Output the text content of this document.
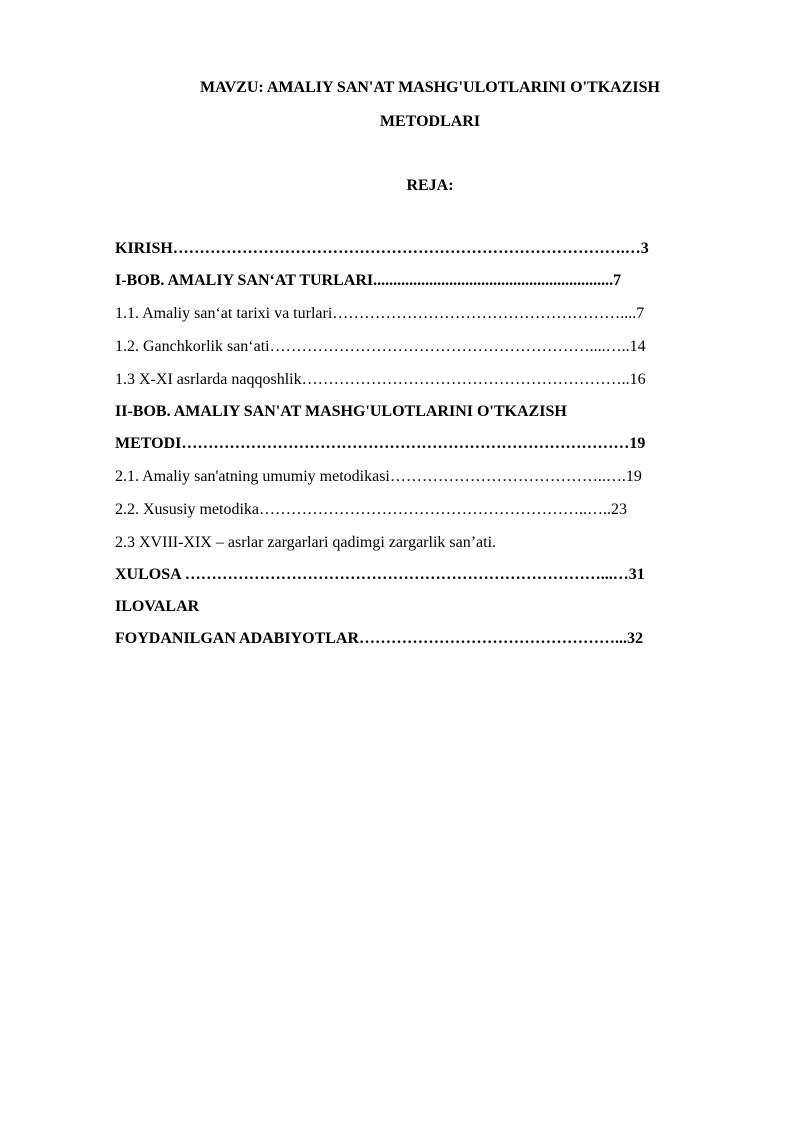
MAVZU: AMALIY SAN'AT MASHG'ULOTLARINI O'TKAZISH
METODLARI
REJA:
KIRISH………………………………………………………………………….…3
I-BOB. AMALIY SAN‘AT TURLARI............................................................7
1.1. Amaliy san‘at tarixi va turlari………………………………………………....7
1.2. Ganchkorlik san‘ati……………………………………………………....…..14
1.3 X-XI asrlarda naqqoshlik……………………………………………………..16
II-BOB. AMALIY SAN'AT MASHG'ULOTLARINI O'TKAZISH
METODI…………………………………………………………………………19
2.1. Amaliy san'atning umumiy metodikasi…………………………………..….19
2.2. Xususiy metodika……………………………………………………..…..23
2.3 XVIII-XIX – asrlar zargarlari qadimgi zargarlik san’ati.
XULOSA ……………………………………………………………………...…31
ILOVALAR
FOYDANILGAN ADABIYOTLAR…………………………………………...32
